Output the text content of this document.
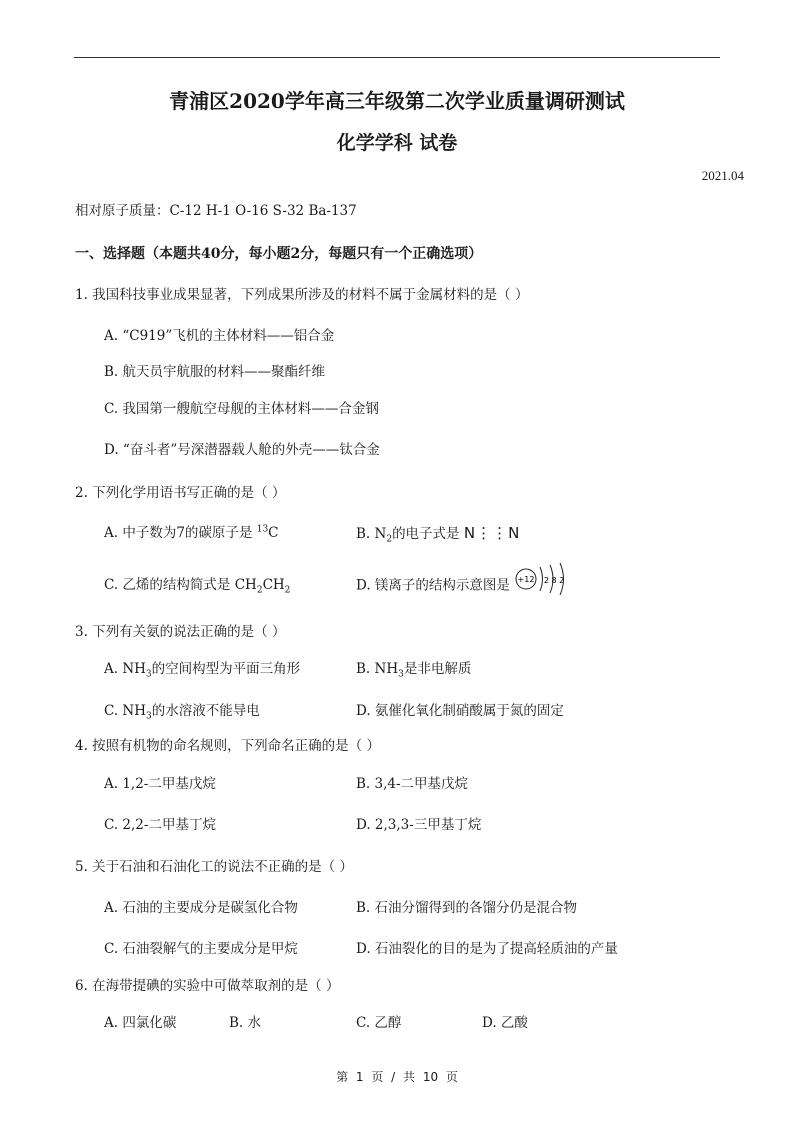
青浦区2020学年高三年级第二次学业质量调研测试
化学学科 试卷
2021.04
相对原子质量：C-12 H-1 O-16 S-32 Ba-137
一、选择题（本题共40分，每小题2分，每题只有一个正确选项）
1. 我国科技事业成果显著，下列成果所涉及的材料不属于金属材料的是（ ）
A. “C919”飞机的主体材料——铝合金
B. 航天员宇航服的材料——聚酯纤维
C. 我国第一艘航空母舰的主体材料——合金钢
D. “奋斗者”号深潜器载人舱的外壳——钛合金
2. 下列化学用语书写正确的是（ ）
A. 中子数为7的碳原子是 $^{13}$C	B. $N_2$的电子式是 N⋮⋮N
C. 乙烯的结构简式是 $CH_2CH_2$	D. 镁离子的结构示意图是 +12 2 8 2
3. 下列有关氨的说法正确的是（ ）
A. $NH_3$的空间构型为平面三角形	B. $NH_3$是非电解质
C. $NH_3$的水溶液不能导电	D. 氨催化氧化制硝酸属于氮的固定
4. 按照有机物的命名规则，下列命名正确的是（ ）
A. 1,2-二甲基戊烷	B. 3,4-二甲基戊烷
C. 2,2-二甲基丁烷	D. 2,3,3-三甲基丁烷
5. 关于石油和石油化工的说法不正确的是（ ）
A. 石油的主要成分是碳氢化合物	B. 石油分馏得到的各馏分仍是混合物
C. 石油裂解气的主要成分是甲烷	D. 石油裂化的目的是为了提高轻质油的产量
6. 在海带提碘的实验中可做萃取剂的是（ ）
A. 四氯化碳	B. 水	C. 乙醇	D. 乙酸
第 1 页 / 共 10 页
